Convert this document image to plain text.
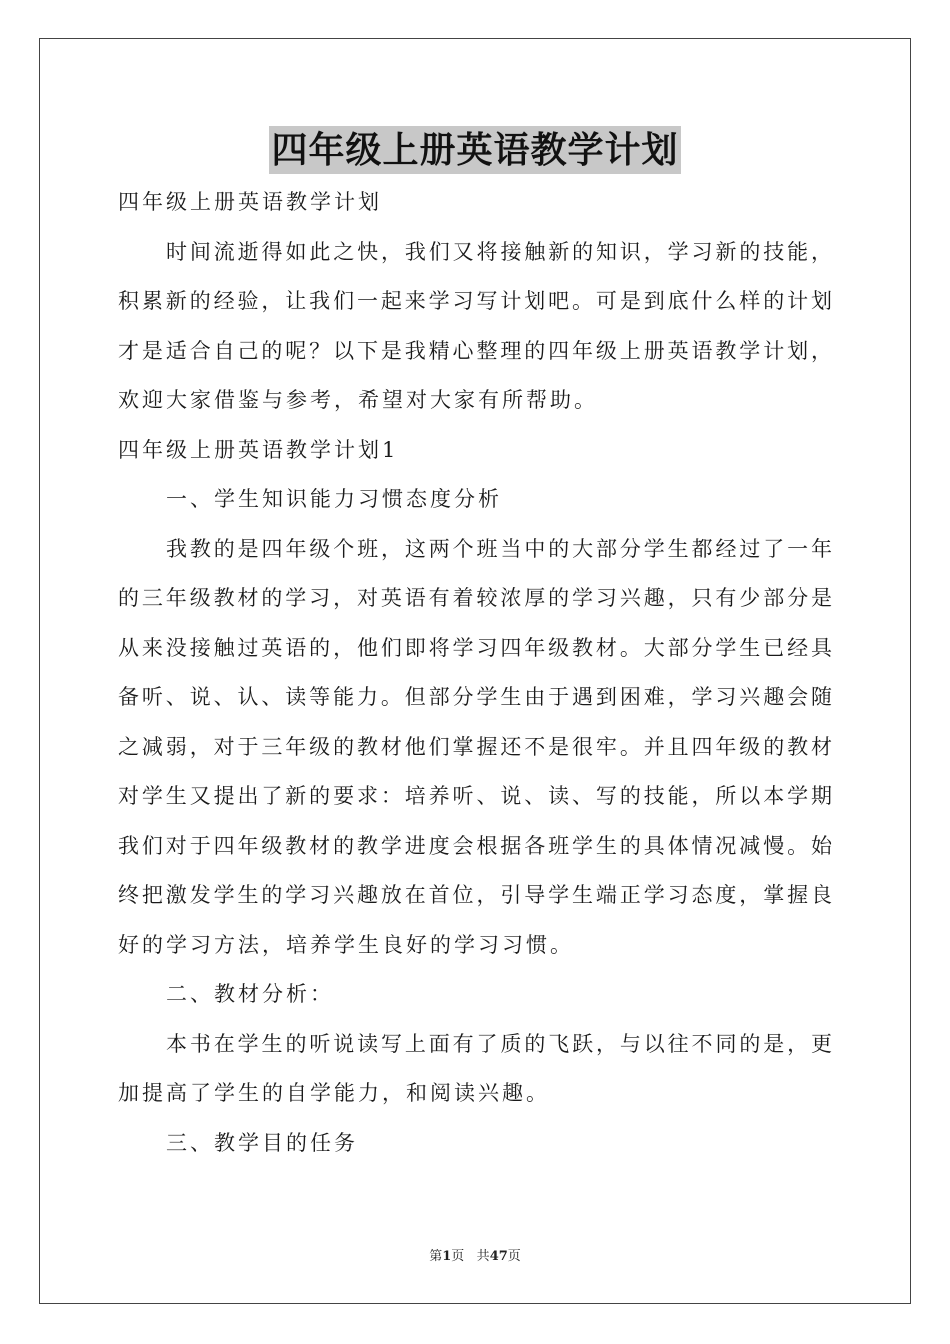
四年级上册英语教学计划
四年级上册英语教学计划
时间流逝得如此之快，我们又将接触新的知识，学习新的技能，
积累新的经验，让我们一起来学习写计划吧。可是到底什么样的计划
才是适合自己的呢？以下是我精心整理的四年级上册英语教学计划，
欢迎大家借鉴与参考，希望对大家有所帮助。
四年级上册英语教学计划1
一、学生知识能力习惯态度分析
我教的是四年级个班，这两个班当中的大部分学生都经过了一年
的三年级教材的学习，对英语有着较浓厚的学习兴趣，只有少部分是
从来没接触过英语的，他们即将学习四年级教材。大部分学生已经具
备听、说、认、读等能力。但部分学生由于遇到困难，学习兴趣会随
之减弱，对于三年级的教材他们掌握还不是很牢。并且四年级的教材
对学生又提出了新的要求：培养听、说、读、写的技能，所以本学期
我们对于四年级教材的教学进度会根据各班学生的具体情况减慢。始
终把激发学生的学习兴趣放在首位，引导学生端正学习态度，掌握良
好的学习方法，培养学生良好的学习习惯。
二、教材分析：
本书在学生的听说读写上面有了质的飞跃，与以往不同的是，更
加提高了学生的自学能力，和阅读兴趣。
三、教学目的任务
第1页 共47页
